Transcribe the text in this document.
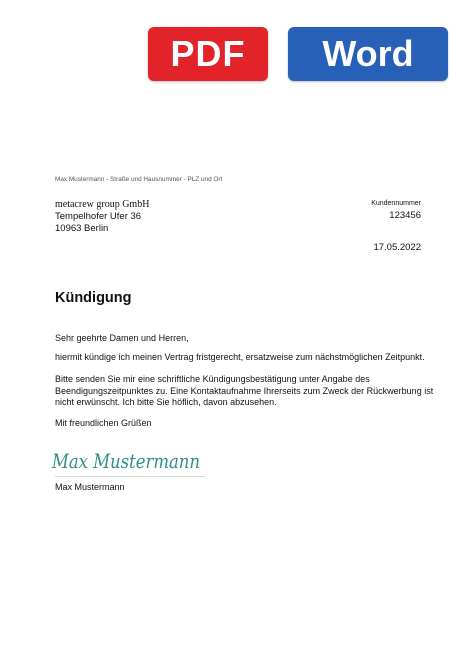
PDF	Word
Max Mustermann - Straße und Hausnummer - PLZ und Ort
metacrew group GmbH
Tempelhofer Ufer 36
10963 Berlin
Kundennummer
123456
17.05.2022
Kündigung
Sehr geehrte Damen und Herren,
hiermit kündige ich meinen Vertrag fristgerecht, ersatzweise zum nächstmöglichen Zeitpunkt.
Bitte senden Sie mir eine schriftliche Kündigungsbestätigung unter Angabe des Beendigungszeitpunktes zu. Eine Kontaktaufnahme Ihrerseits zum Zweck der Rückwerbung ist nicht erwünscht. Ich bitte Sie höflich, davon abzusehen.
Mit freundlichen Grüßen
Max Mustermann
Max Mustermann
